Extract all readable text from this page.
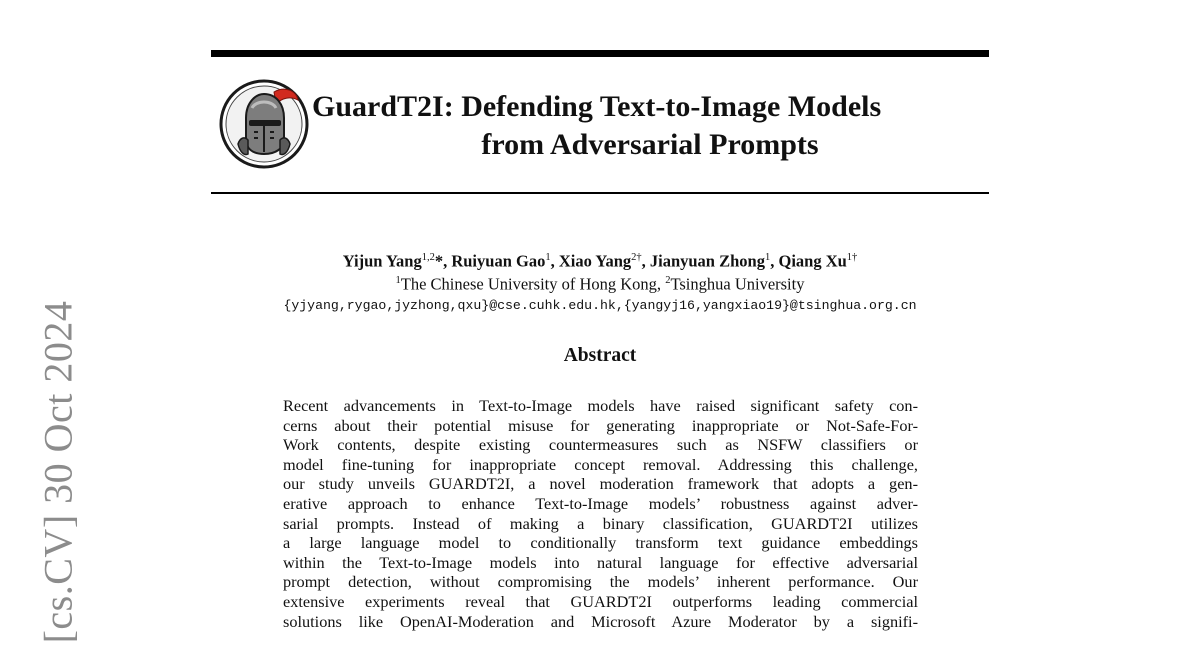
[cs.CV] 30 Oct 2024
GuardT2I: Defending Text-to-Image Models
from Adversarial Prompts
Yijun Yang$^{1,2}$*, Ruiyuan Gao$^1$, Xiao Yang$^{2\dagger}$, Jianyuan Zhong$^1$, Qiang $Xu^{1\dagger}$
$^1$The Chinese University of Hong Kong, $^2$Tsinghua University
{yjyang,rygao,jyzhong,qxu}@cse.cuhk.edu.hk,{yangyj16,yangxiao19}@tsinghua.org.cn
Abstract
Recent advancements in Text-to-Image models have raised significant safety con-
cerns about their potential misuse for generating inappropriate or Not-Safe-For-
Work contents, despite existing countermeasures such as NSFW classifiers or
model fine-tuning for inappropriate concept removal. Addressing this challenge,
our study unveils GUARDT2I, a novel moderation framework that adopts a gen-
erative approach to enhance Text-to-Image models’ robustness against adver-
sarial prompts. Instead of making a binary classification, GUARDT2I utilizes
a large language model to conditionally transform text guidance embeddings
within the Text-to-Image models into natural language for effective adversarial
prompt detection, without compromising the models’ inherent performance. Our
extensive experiments reveal that GUARDT2I outperforms leading commercial
solutions like OpenAI-Moderation and Microsoft Azure Moderator by a signifi-
